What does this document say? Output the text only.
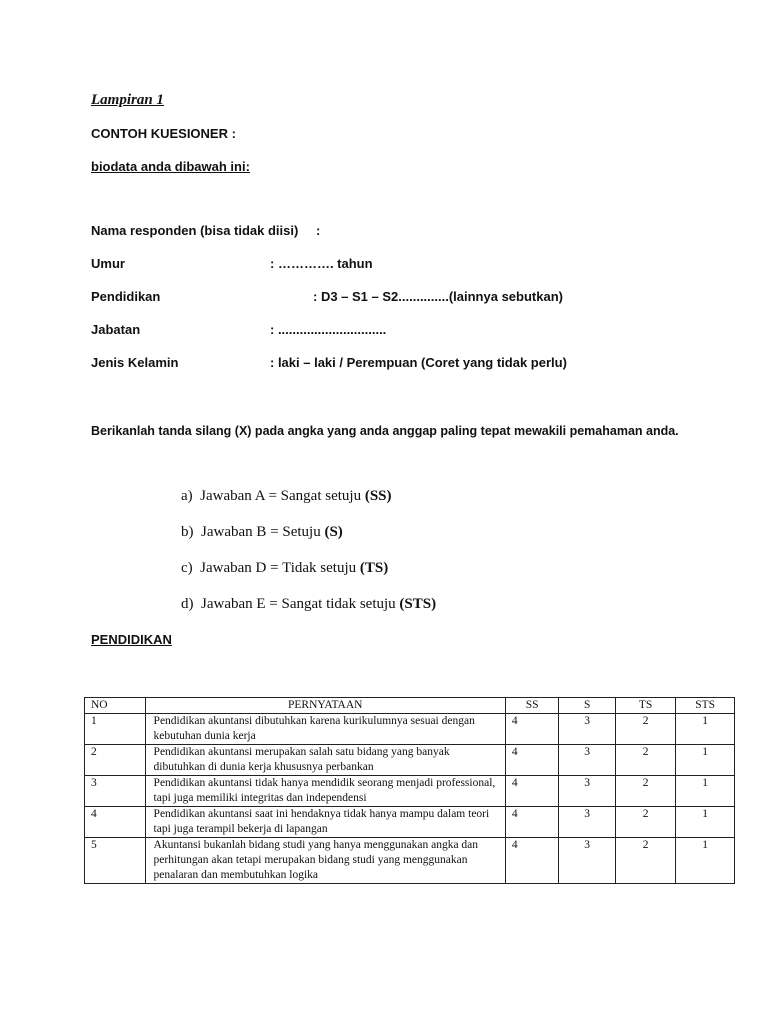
Lampiran 1
CONTOH KUESIONER :
biodata anda dibawah ini:
Nama responden (bisa tidak diisi) :
Umur	: …………. tahun
Pendidikan	: D3 – S1 – S2..............(lainnya sebutkan)
Jabatan	: ..............................
Jenis Kelamin	: laki – laki / Perempuan (Coret yang tidak perlu)
Berikanlah tanda silang (X) pada angka yang anda anggap paling tepat mewakili pemahaman anda.
a) Jawaban A = Sangat setuju (SS)
b) Jawaban B = Setuju (S)
c) Jawaban D = Tidak setuju (TS)
d) Jawaban E = Sangat tidak setuju (STS)
PENDIDIKAN
NO	PERNYATAAN	SS	S	TS	STS
1	Pendidikan akuntansi dibutuhkan karena kurikulumnya sesuai dengan kebutuhan dunia kerja	4	3	2	1
2	Pendidikan akuntansi merupakan salah satu bidang yang banyak dibutuhkan di dunia kerja khususnya perbankan	4	3	2	1
3	Pendidikan akuntansi tidak hanya mendidik seorang menjadi professional, tapi juga memiliki integritas dan independensi	4	3	2	1
4	Pendidikan akuntansi saat ini hendaknya tidak hanya mampu dalam teori tapi juga terampil bekerja di lapangan	4	3	2	1
5	Akuntansi bukanlah bidang studi yang hanya menggunakan angka dan perhitungan akan tetapi merupakan bidang studi yang menggunakan penalaran dan membutuhkan logika	4	3	2	1
